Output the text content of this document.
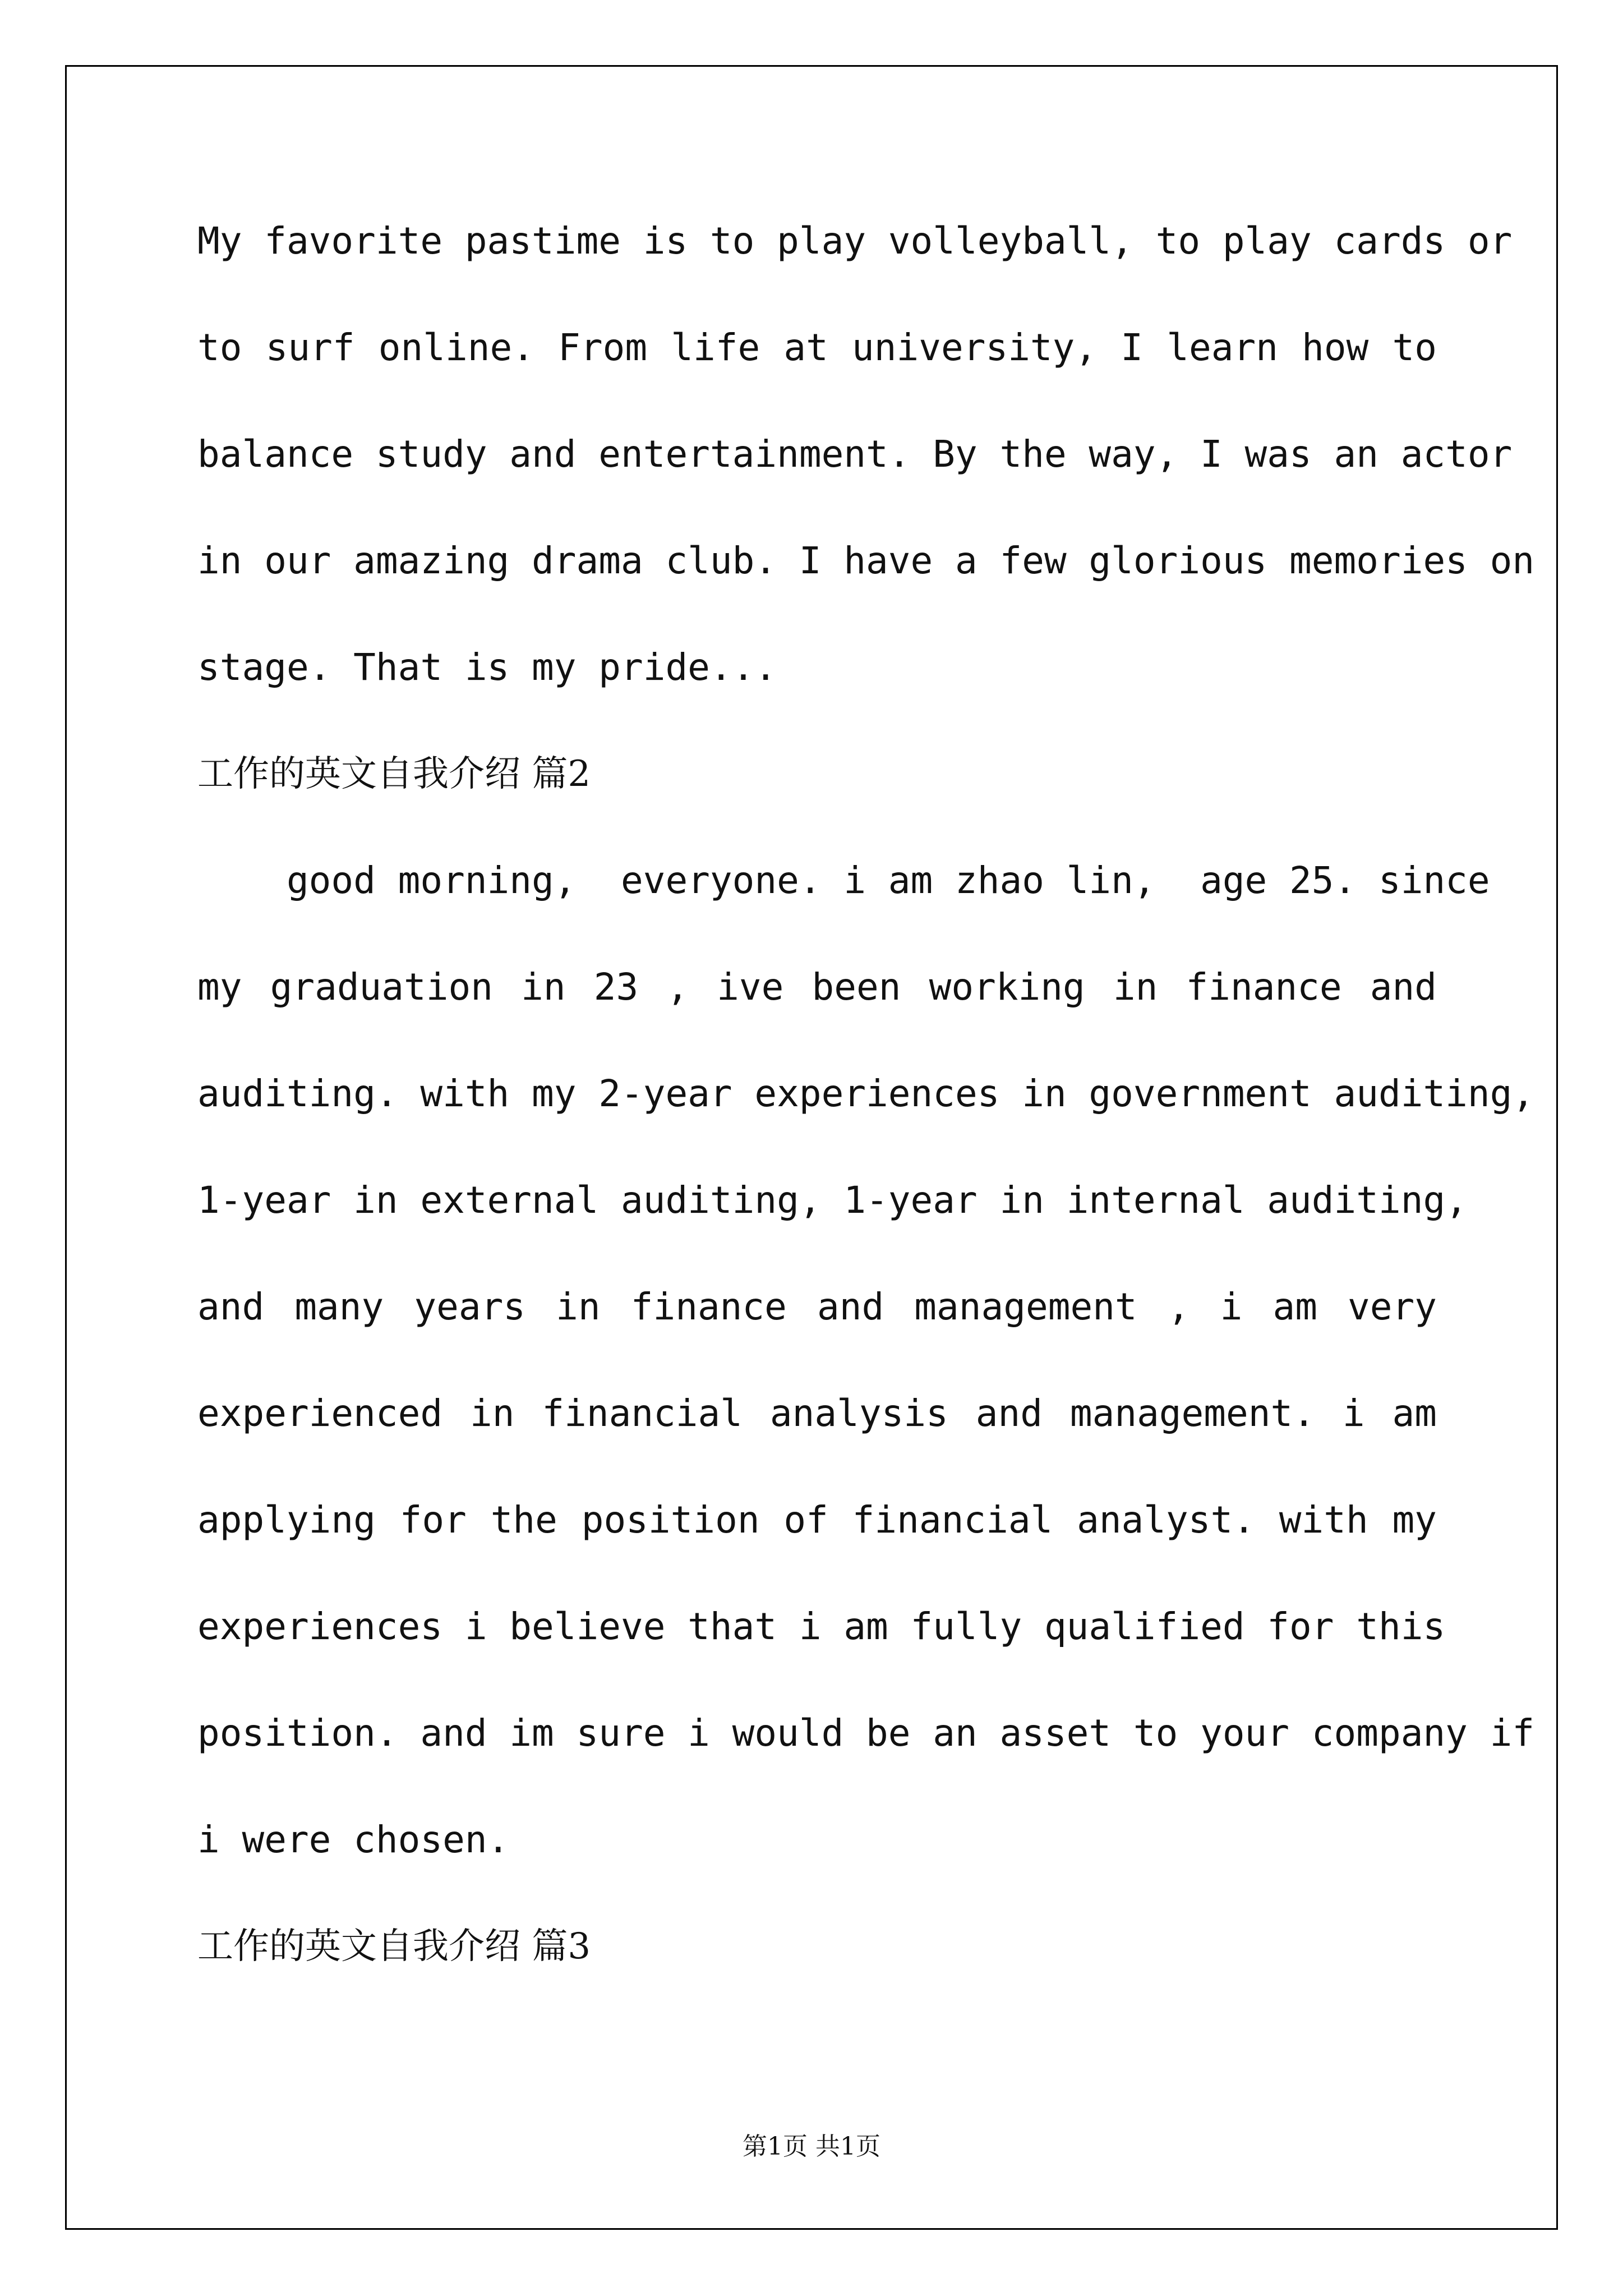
My favorite pastime is to play volleyball, to play cards or
to surf online. From life at university, I learn how to
balance study and entertainment. By the way, I was an actor
in our amazing drama club. I have a few glorious memories on
stage. That is my pride...
工作的英文自我介绍 篇2
good morning,  everyone. i am zhao lin,  age 25. since
my graduation in 23 , ive been working in finance and
auditing. with my 2-year experiences in government auditing,
1-year in external auditing, 1-year in internal auditing,
and many years in finance and management , i am very
experienced in financial analysis and management. i am
applying for the position of financial analyst. with my
experiences i believe that i am fully qualified for this
position. and im sure i would be an asset to your company if
i were chosen.
工作的英文自我介绍 篇3
第1页 共1页
